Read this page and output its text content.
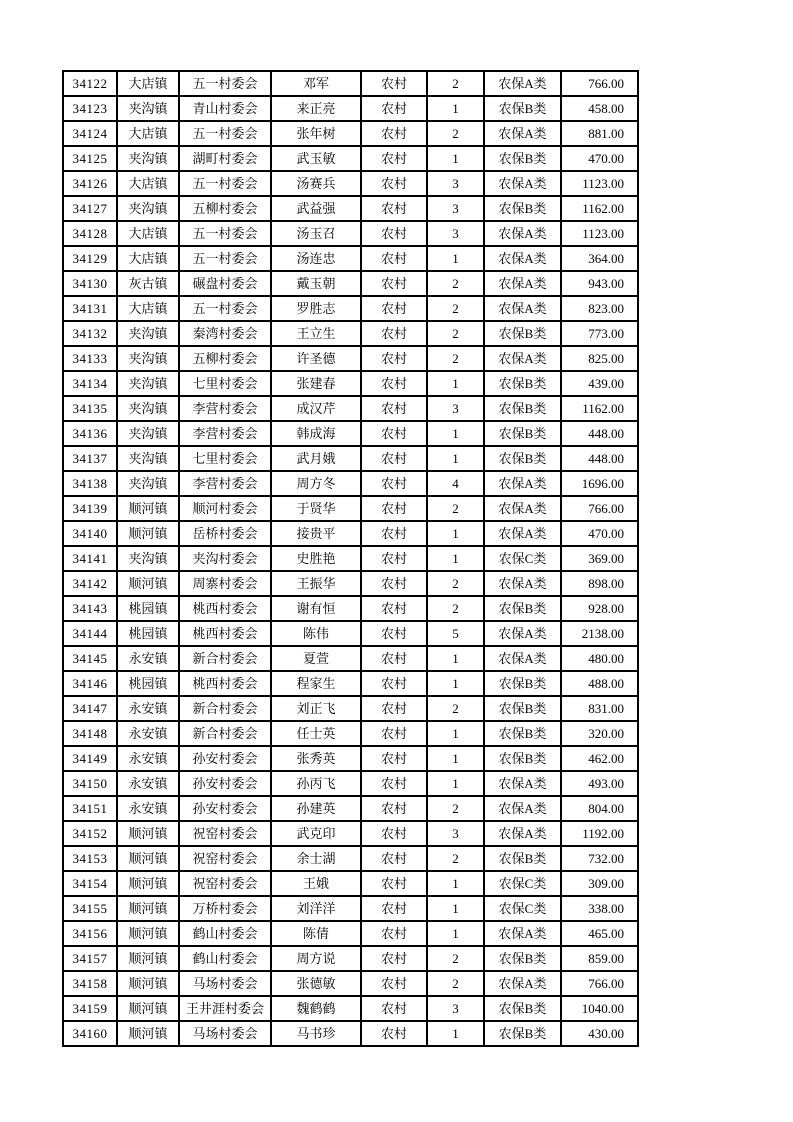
34122	大店镇	五一村委会	邓军	农村	2	农保A类	766.00
34123	夹沟镇	青山村委会	来正亮	农村	1	农保B类	458.00
34124	大店镇	五一村委会	张年树	农村	2	农保A类	881.00
34125	夹沟镇	湖町村委会	武玉敏	农村	1	农保B类	470.00
34126	大店镇	五一村委会	汤赛兵	农村	3	农保A类	1123.00
34127	夹沟镇	五柳村委会	武益强	农村	3	农保B类	1162.00
34128	大店镇	五一村委会	汤玉召	农村	3	农保A类	1123.00
34129	大店镇	五一村委会	汤连忠	农村	1	农保A类	364.00
34130	灰古镇	碾盘村委会	戴玉朝	农村	2	农保A类	943.00
34131	大店镇	五一村委会	罗胜志	农村	2	农保A类	823.00
34132	夹沟镇	秦湾村委会	王立生	农村	2	农保B类	773.00
34133	夹沟镇	五柳村委会	许圣德	农村	2	农保A类	825.00
34134	夹沟镇	七里村委会	张建春	农村	1	农保B类	439.00
34135	夹沟镇	李营村委会	成汉芹	农村	3	农保B类	1162.00
34136	夹沟镇	李营村委会	韩成海	农村	1	农保B类	448.00
34137	夹沟镇	七里村委会	武月娥	农村	1	农保B类	448.00
34138	夹沟镇	李营村委会	周方冬	农村	4	农保A类	1696.00
34139	顺河镇	顺河村委会	于贤华	农村	2	农保A类	766.00
34140	顺河镇	岳桥村委会	接贵平	农村	1	农保A类	470.00
34141	夹沟镇	夹沟村委会	史胜艳	农村	1	农保C类	369.00
34142	顺河镇	周寨村委会	王振华	农村	2	农保A类	898.00
34143	桃园镇	桃西村委会	谢有恒	农村	2	农保B类	928.00
34144	桃园镇	桃西村委会	陈伟	农村	5	农保A类	2138.00
34145	永安镇	新合村委会	夏萱	农村	1	农保A类	480.00
34146	桃园镇	桃西村委会	程家生	农村	1	农保B类	488.00
34147	永安镇	新合村委会	刘正飞	农村	2	农保B类	831.00
34148	永安镇	新合村委会	任士英	农村	1	农保B类	320.00
34149	永安镇	孙安村委会	张秀英	农村	1	农保B类	462.00
34150	永安镇	孙安村委会	孙丙飞	农村	1	农保A类	493.00
34151	永安镇	孙安村委会	孙建英	农村	2	农保A类	804.00
34152	顺河镇	祝窑村委会	武克印	农村	3	农保A类	1192.00
34153	顺河镇	祝窑村委会	余士湖	农村	2	农保B类	732.00
34154	顺河镇	祝窑村委会	王娥	农村	1	农保C类	309.00
34155	顺河镇	万桥村委会	刘洋洋	农村	1	农保C类	338.00
34156	顺河镇	鹤山村委会	陈倩	农村	1	农保A类	465.00
34157	顺河镇	鹤山村委会	周方说	农村	2	农保B类	859.00
34158	顺河镇	马场村委会	张德敏	农村	2	农保A类	766.00
34159	顺河镇	王井涯村委会	魏鹤鹤	农村	3	农保B类	1040.00
34160	顺河镇	马场村委会	马书珍	农村	1	农保B类	430.00
